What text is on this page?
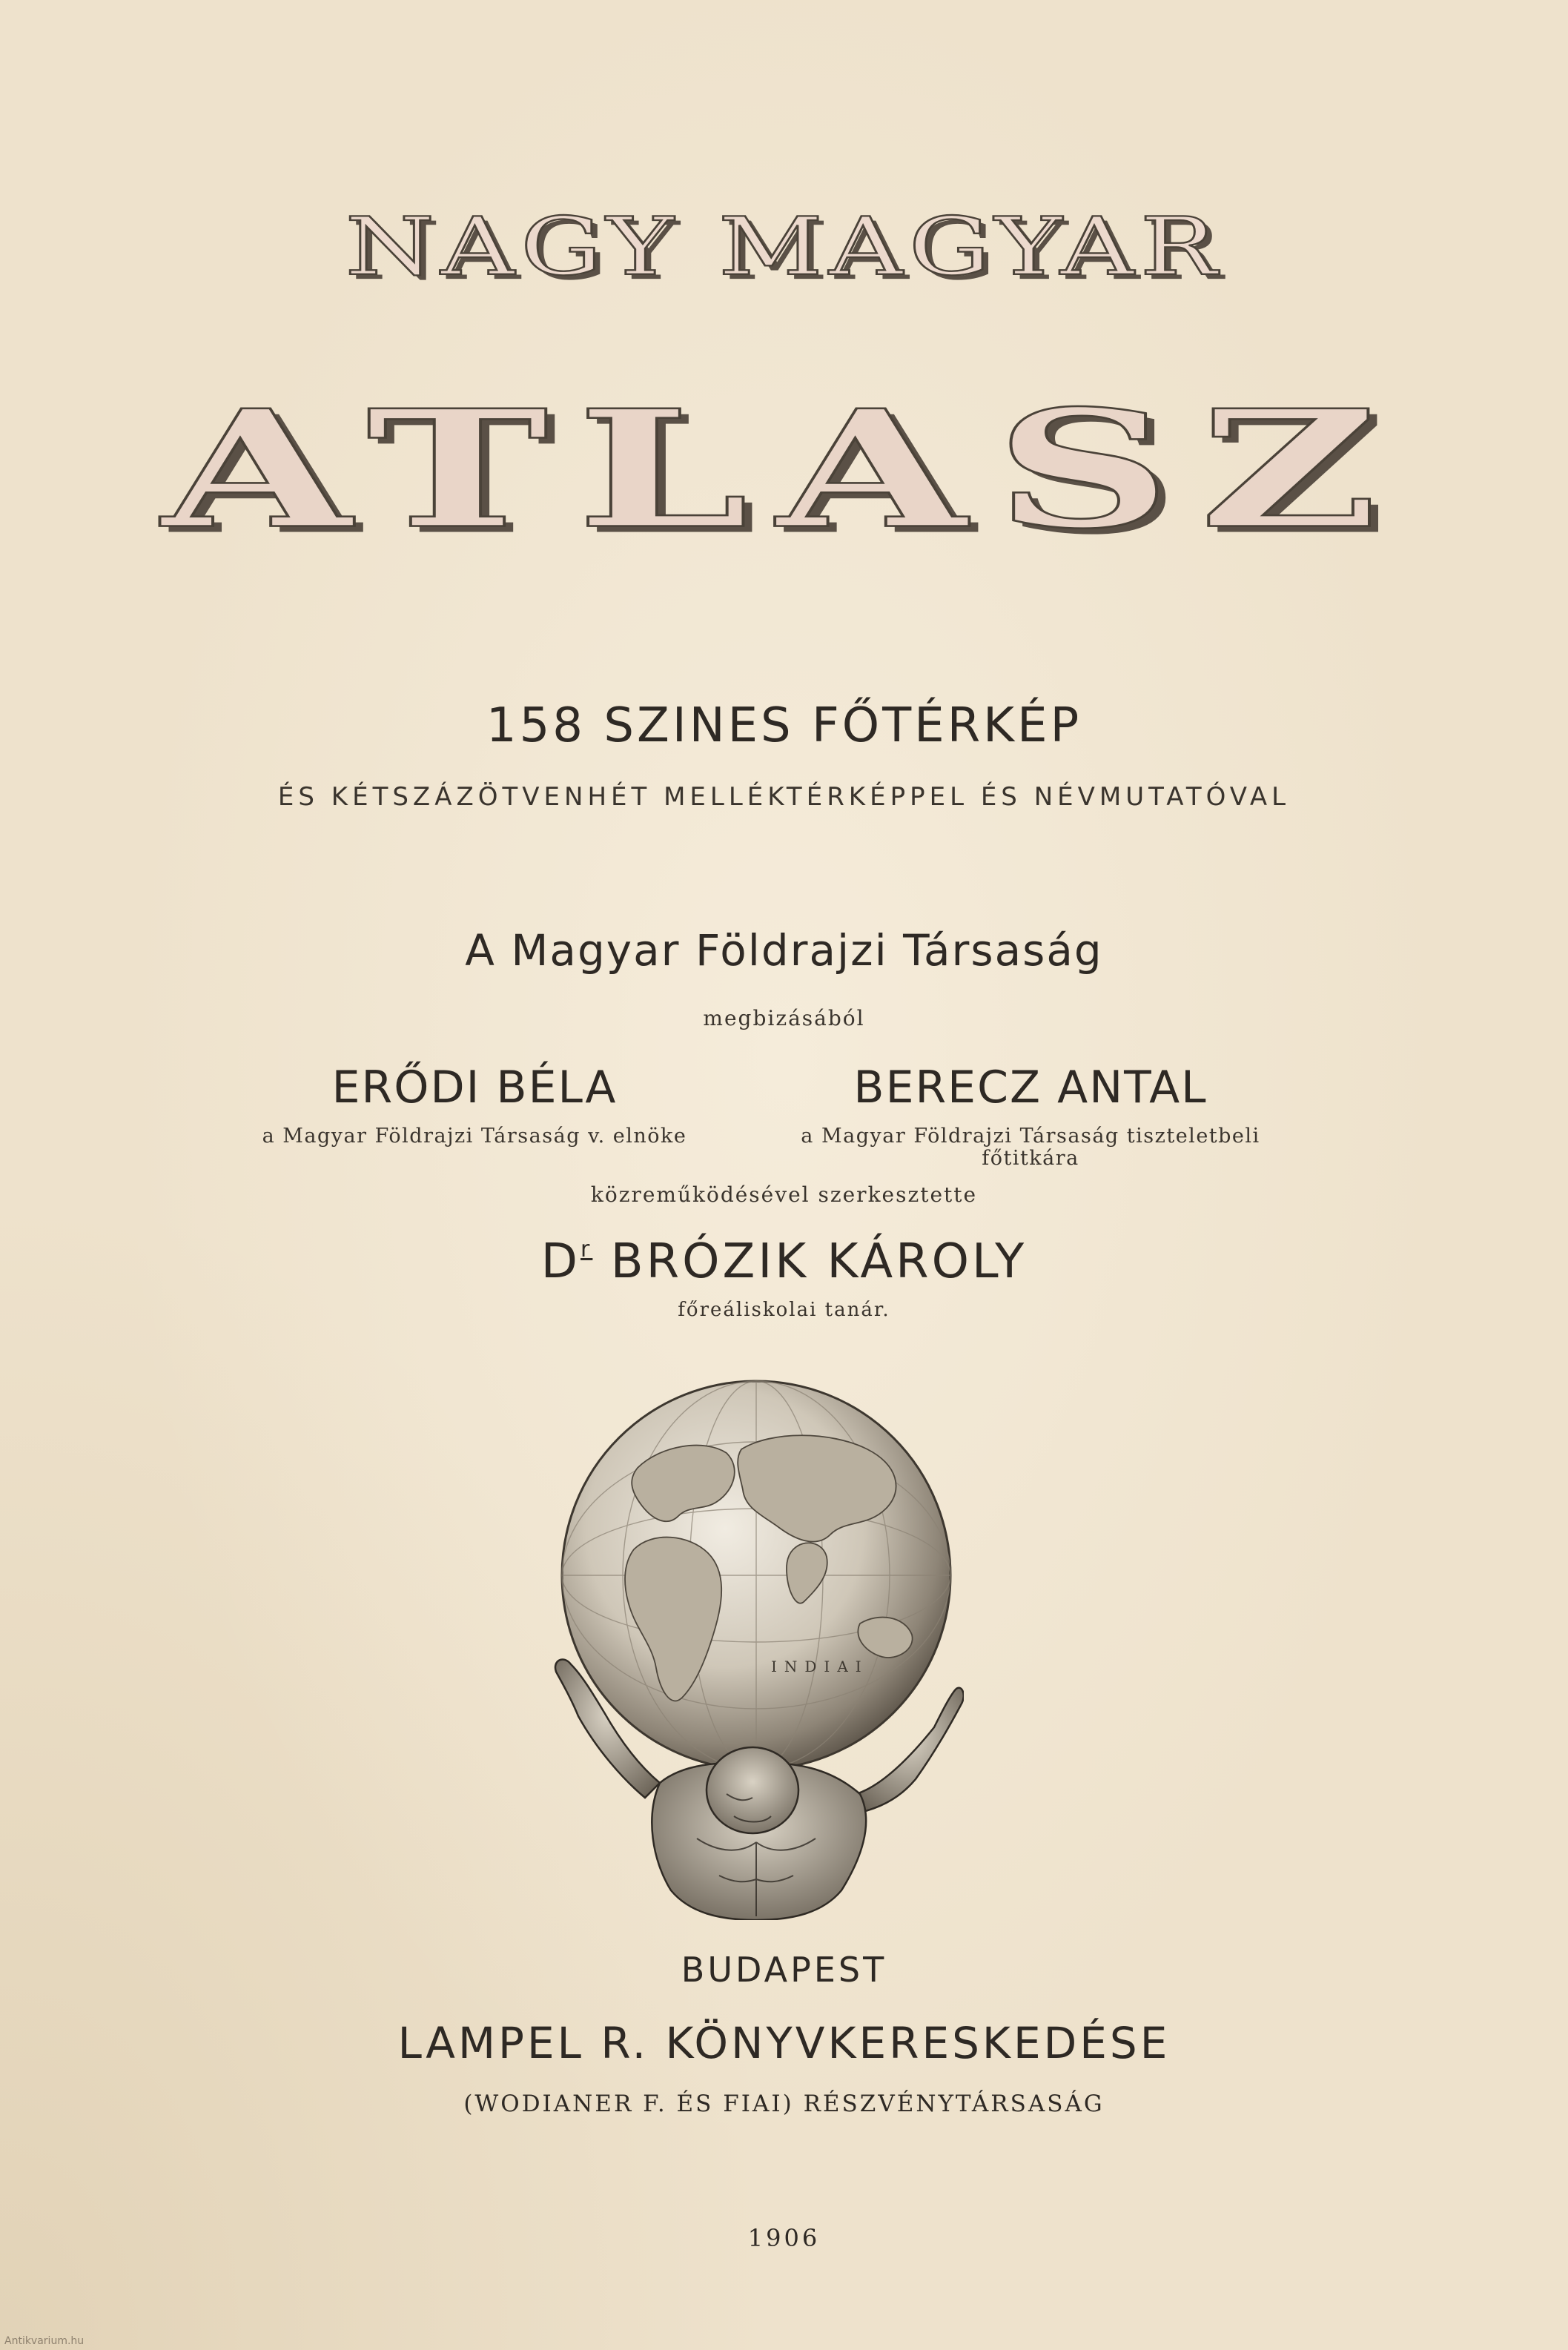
NAGY MAGYAR
ATLASZ
158 SZINES FŐTÉRKÉP
ÉS KÉTSZÁZÖTVENHÉT MELLÉKTÉRKÉPPEL ÉS NÉVMUTATÓVAL
A Magyar Földrajzi Társaság
megbizásából
ERŐDI BÉLA
a Magyar Földrajzi Társaság v. elnöke
BERECZ ANTAL
a Magyar Földrajzi Társaság tiszteletbeli főtitkára
közreműködésével szerkesztette
$D^r$ BRÓZIK KÁROLY
főreáliskolai tanár.
INDIAI
BUDAPEST
LAMPEL R. KÖNYVKERESKEDÉSE
(WODIANER F. ÉS FIAI) RÉSZVÉNYTÁRSASÁG
1906
Antikvarium.hu
